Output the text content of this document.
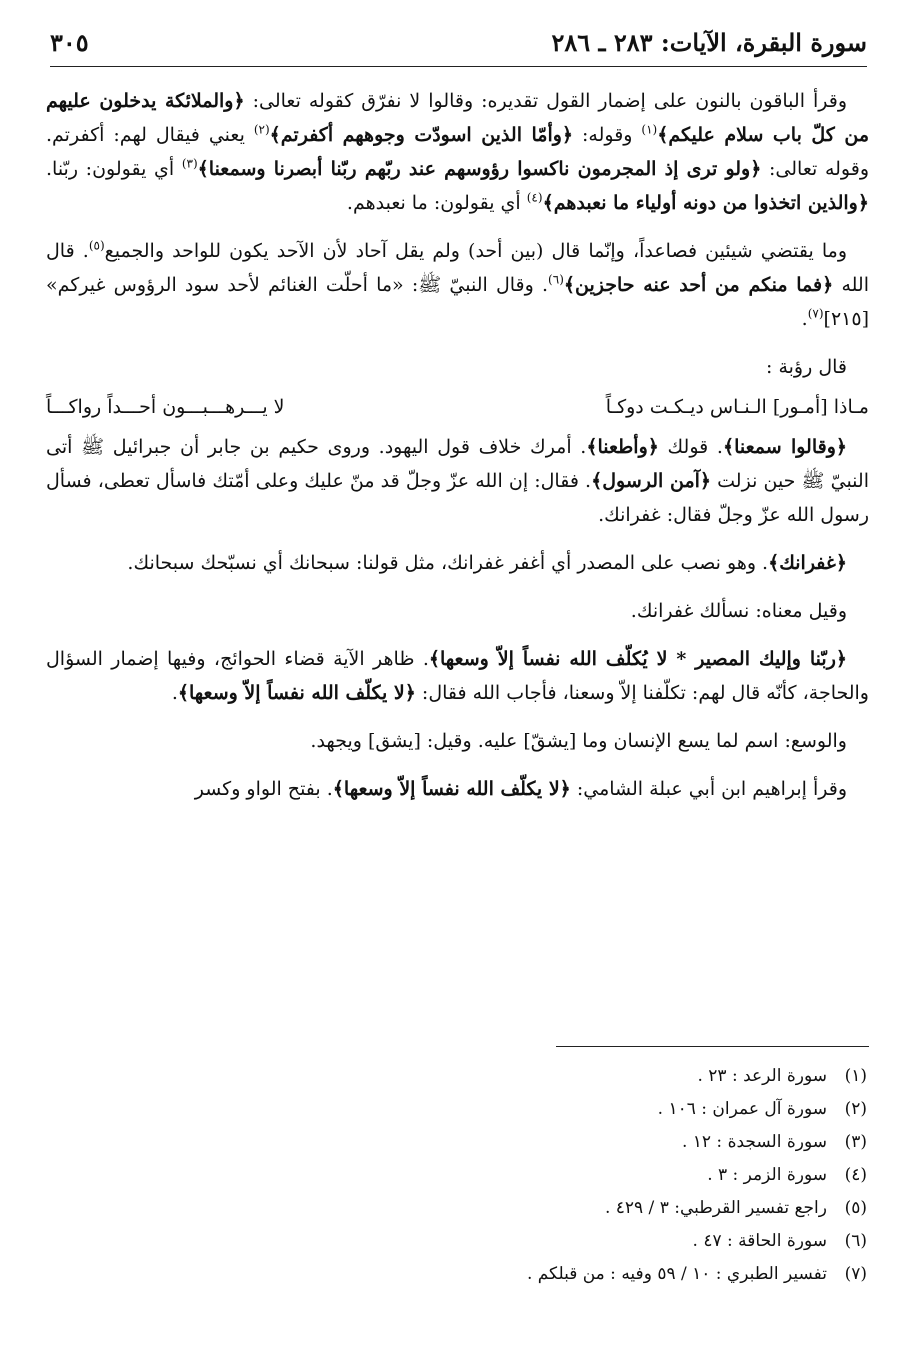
سورة البقرة، الآيات: ٢٨٣ ـ ٢٨٦
٣٠٥

وقرأ الباقون بالنون على إضمار القول تقديره: وقالوا لا نفرّق كقوله تعالى: ﴿والملائكة يدخلون عليهم من كلّ باب سلام عليكم﴾$^{(١)}$ وقوله: ﴿وأمّا الذين اسودّت وجوههم أكفرتم﴾$^{(٢)}$ يعني فيقال لهم: أكفرتم. وقوله تعالى: ﴿ولو ترى إذ المجرمون ناكسوا رؤوسهم عند ربّهم ربّنا أبصرنا وسمعنا﴾$^{(٣)}$ أي يقولون: ربّنا. ﴿والذين اتخذوا من دونه أولياء ما نعبدهم﴾$^{(٤)}$ أي يقولون: ما نعبدهم.

وما يقتضي شيئين فصاعداً، وإنّما قال (بين أحد) ولم يقل آحاد لأن الآحد يكون للواحد والجميع$^{(٥)}$. قال الله ﴿فما منكم من أحد عنه حاجزين﴾$^{(٦)}$. وقال النبيّ ﷺ: «ما أحلّت الغنائم لأحد سود الرؤوس غيركم» [٢١٥]$^{(٧)}$.

قال رؤبة :
مـاذا [أمـور] الـنـاس ديـكـت دوكـاً
لا يـــرهـــبـــون أحـــداً رواكـــاً

﴿وقالوا سمعنا﴾. قولك ﴿وأطعنا﴾. أمرك خلاف قول اليهود. وروى حكيم بن جابر أن جبرائيل ﷺ أتى النبيّ ﷺ حين نزلت ﴿آمن الرسول﴾. فقال: إن الله عزّ وجلّ قد منّ عليك وعلى أمّتك فاسأل تعطى، فسأل رسول الله عزّ وجلّ فقال: غفرانك.

﴿غفرانك﴾. وهو نصب على المصدر أي أغفر غفرانك، مثل قولنا: سبحانك أي نسبّحك سبحانك.

وقيل معناه: نسألك غفرانك.

﴿ربّنا وإليك المصير * لا يُكلّف الله نفساً إلاّ وسعها﴾. ظاهر الآية قضاء الحوائج، وفيها إضمار السؤال والحاجة، كأنّه قال لهم: تكلّفنا إلاّ وسعنا، فأجاب الله فقال: ﴿لا يكلّف الله نفساً إلاّ وسعها﴾.

والوسع: اسم لما يسع الإنسان وما [يشقّ] عليه. وقيل: [يشق] ويجهد.

وقرأ إبراهيم ابن أبي عبلة الشامي: ﴿لا يكلّف الله نفساً إلاّ وسعها﴾. بفتح الواو وكسر

(١)
سورة الرعد : ٢٣ .
(٢)
سورة آل عمران : ١٠٦ .
(٣)
سورة السجدة : ١٢ .
(٤)
سورة الزمر : ٣ .
(٥)
راجع تفسير القرطبي: ٣ / ٤٢٩ .
(٦)
سورة الحاقة : ٤٧ .
(٧)
تفسير الطبري : ١٠ / ٥٩ وفيه : من قبلكم .
